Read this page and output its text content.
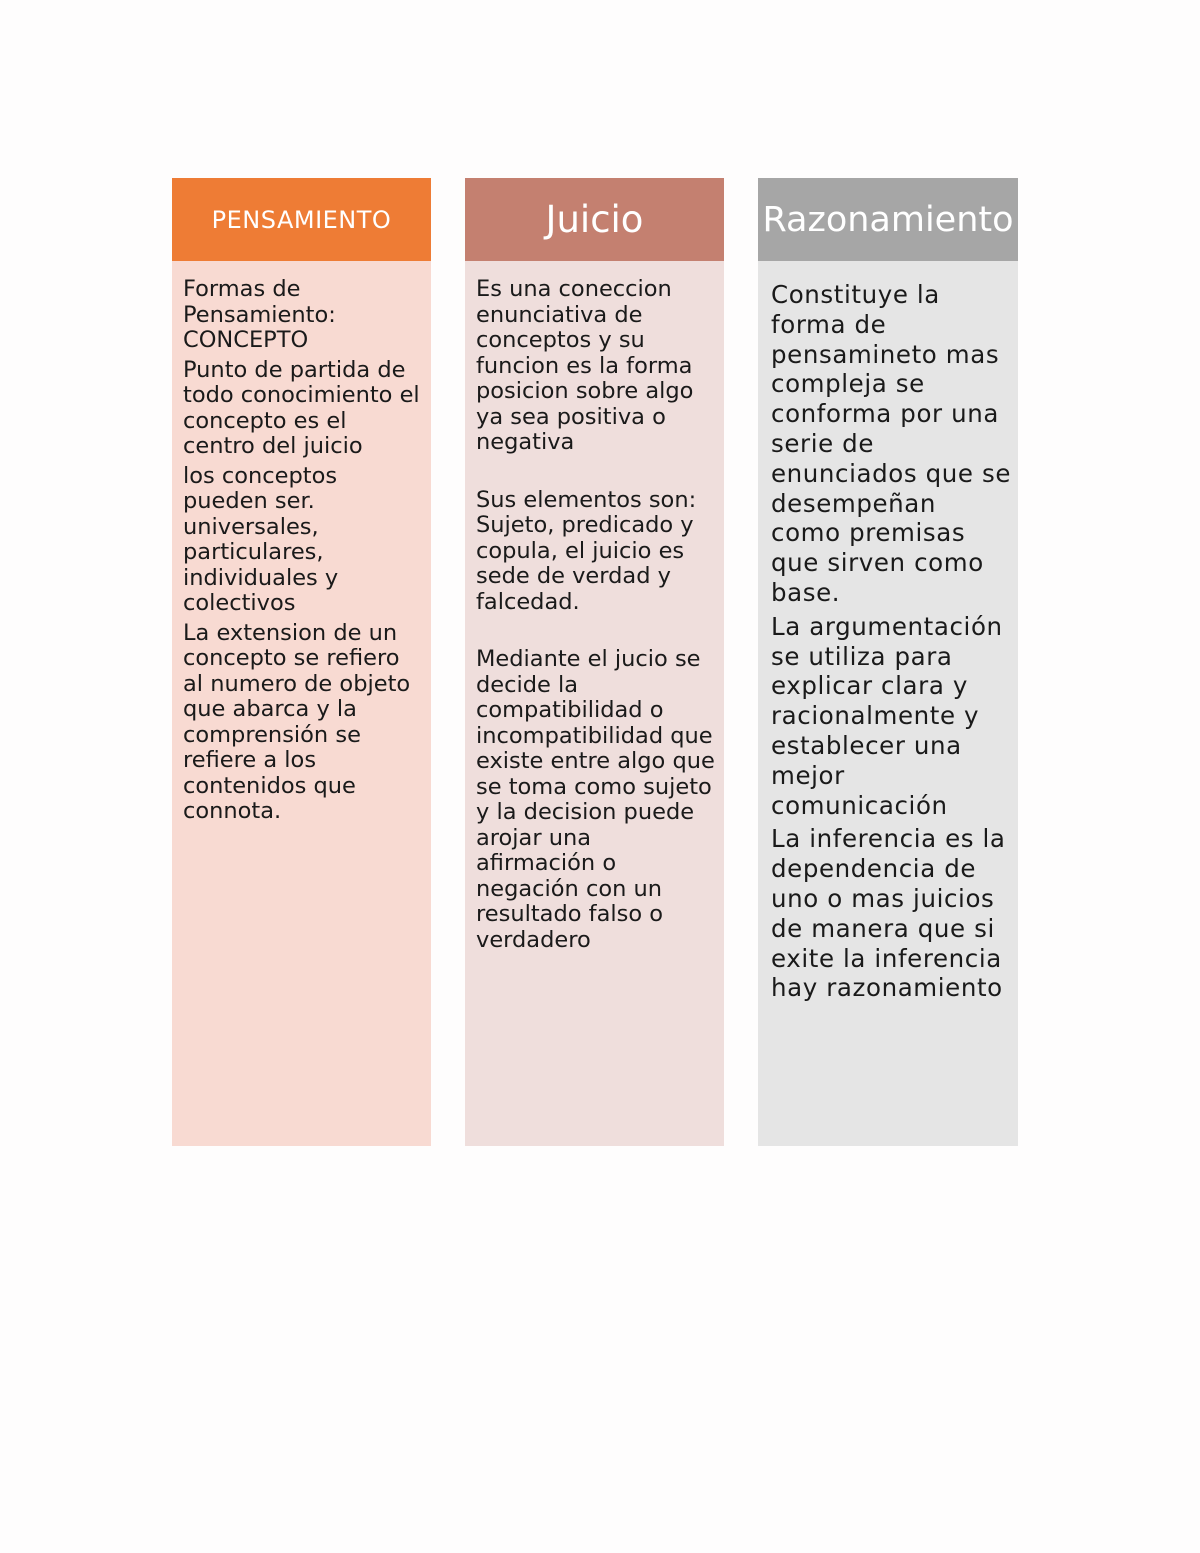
PENSAMIENTO

Formas de Pensamiento: CONCEPTO

Punto de partida de todo conocimiento el concepto es el centro del juicio

los conceptos pueden ser. universales, particulares, individuales y colectivos

La extension de un concepto se refiero al numero de objeto que abarca y la comprensión se refiere a los contenidos que connota.

Juicio

Es una coneccion enunciativa de conceptos y su funcion es la forma posicion sobre algo ya sea positiva o negativa

Sus elementos son: Sujeto, predicado y copula, el juicio es sede de verdad y falcedad.

Mediante el jucio se decide la compatibilidad o incompatibilidad que existe entre algo que se toma como sujeto y la decision puede arojar una afirmación o negación con un resultado falso o verdadero

Razonamiento

Constituye la forma de pensamineto mas compleja se conforma por una serie de enunciados que se desempeñan como premisas que sirven como base.

La argumentación se utiliza para explicar clara y racionalmente y establecer una mejor comunicación

La inferencia es la dependencia de uno o mas juicios de manera que si exite la inferencia hay razonamiento
